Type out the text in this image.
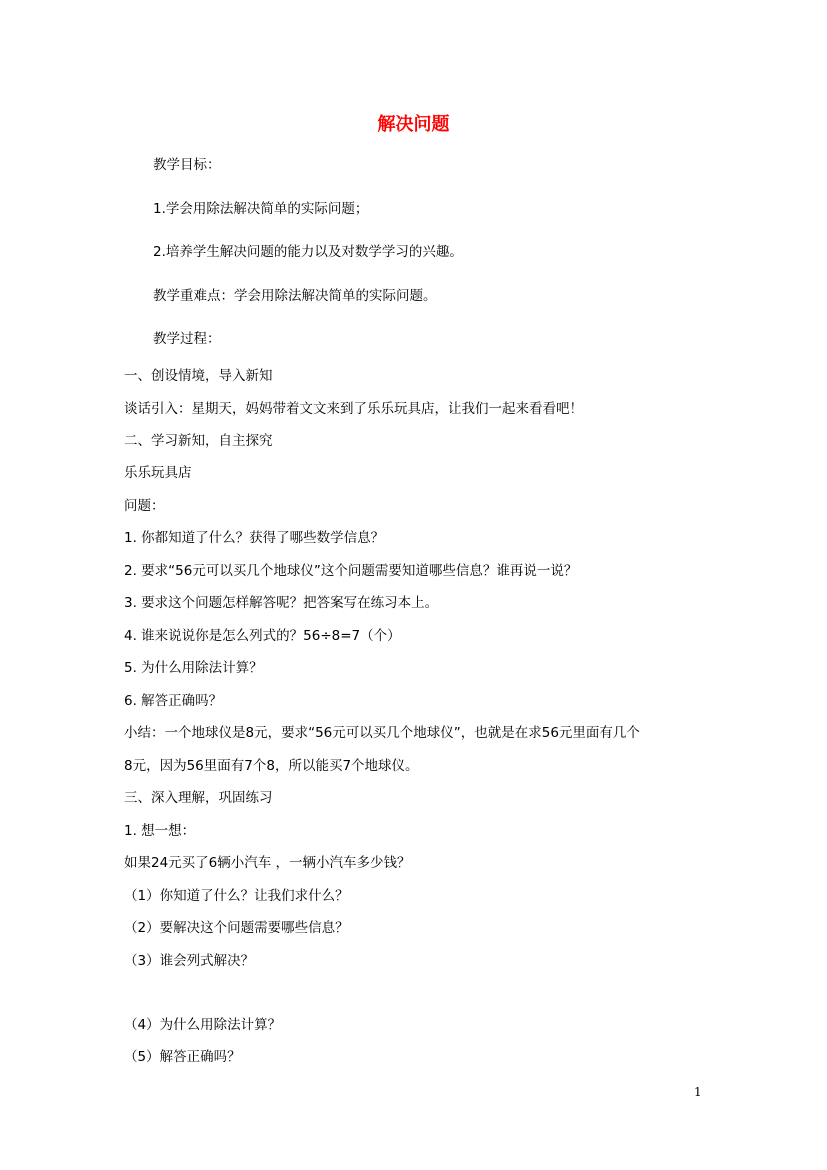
解决问题
教学目标：
1.学会用除法解决简单的实际问题；
2.培养学生解决问题的能力以及对数学学习的兴趣。
教学重难点：学会用除法解决简单的实际问题。
教学过程：
一、创设情境，导入新知
谈话引入：星期天，妈妈带着文文来到了乐乐玩具店，让我们一起来看看吧！
二、学习新知，自主探究
乐乐玩具店
问题：
1. 你都知道了什么？获得了哪些数学信息？
2. 要求“56元可以买几个地球仪”这个问题需要知道哪些信息？谁再说一说？
3. 要求这个问题怎样解答呢？把答案写在练习本上。
4. 谁来说说你是怎么列式的？56÷8=7（个）
5. 为什么用除法计算？
6. 解答正确吗？
小结：一个地球仪是8元，要求“56元可以买几个地球仪”，也就是在求56元里面有几个
8元，因为56里面有7个8，所以能买7个地球仪。
三、深入理解，巩固练习
1. 想一想：
如果24元买了6辆小汽车 ，一辆小汽车多少钱？
（1）你知道了什么？让我们求什么？
（2）要解决这个问题需要哪些信息？
（3）谁会列式解决？
（4）为什么用除法计算？
（5）解答正确吗？
1
